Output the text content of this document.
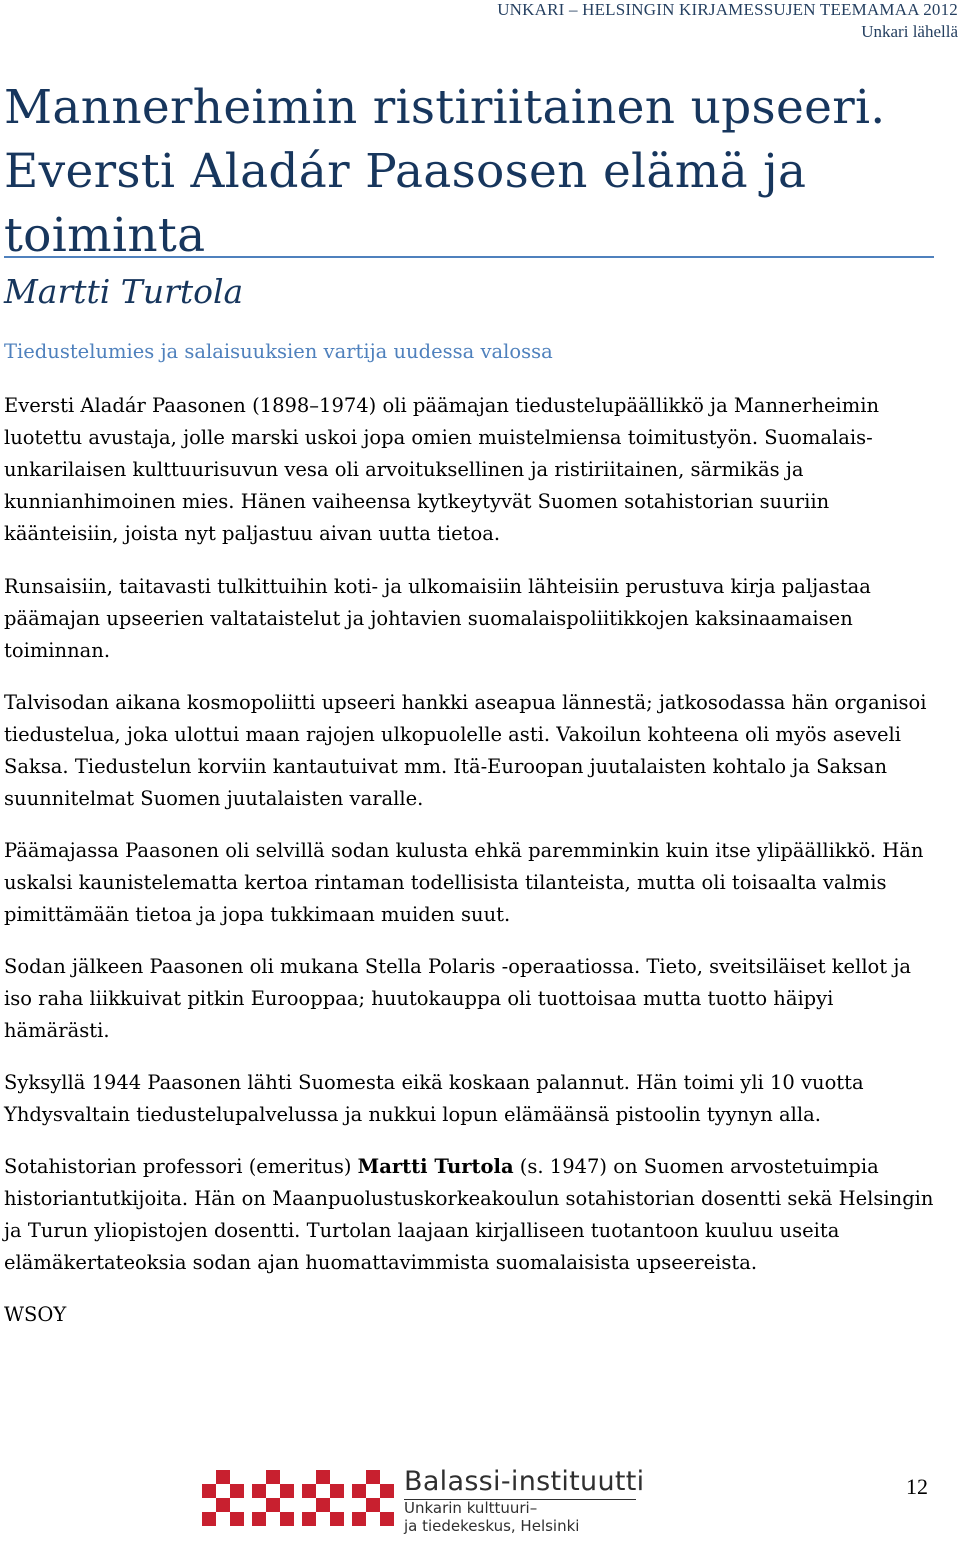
UNKARI – HELSINGIN KIRJAMESSUJEN TEEMAMAA 2012
Unkari lähellä
Mannerheimin ristiriitainen upseeri.
Eversti Aladár Paasosen elämä ja
toiminta
Martti Turtola
Tiedustelumies ja salaisuuksien vartija uudessa valossa

Eversti Aladár Paasonen (1898–1974) oli päämajan tiedustelupäällikkö ja Mannerheimin luotettu avustaja, jolle marski uskoi jopa omien muistelmiensa toimitustyön. Suomalais-unkarilaisen kulttuurisuvun vesa oli arvoituksellinen ja ristiriitainen, särmikäs ja kunnianhimoinen mies. Hänen vaiheensa kytkeytyvät Suomen sotahistorian suuriin käänteisiin, joista nyt paljastuu aivan uutta tietoa.

Runsaisiin, taitavasti tulkittuihin koti- ja ulkomaisiin lähteisiin perustuva kirja paljastaa päämajan upseerien valtataistelut ja johtavien suomalaispoliitikkojen kaksinaamaisen toiminnan.

Talvisodan aikana kosmopoliitti upseeri hankki aseapua lännestä; jatkosodassa hän organisoi tiedustelua, joka ulottui maan rajojen ulkopuolelle asti. Vakoilun kohteena oli myös aseveli Saksa. Tiedustelun korviin kantautuivat mm. Itä-Euroopan juutalaisten kohtalo ja Saksan suunnitelmat Suomen juutalaisten varalle.

Päämajassa Paasonen oli selvillä sodan kulusta ehkä paremminkin kuin itse ylipäällikkö. Hän uskalsi kaunistelematta kertoa rintaman todellisista tilanteista, mutta oli toisaalta valmis pimittämään tietoa ja jopa tukkimaan muiden suut.

Sodan jälkeen Paasonen oli mukana Stella Polaris -operaatiossa. Tieto, sveitsiläiset kellot ja iso raha liikkuivat pitkin Eurooppaa; huutokauppa oli tuottoisaa mutta tuotto häipyi hämärästi.

Syksyllä 1944 Paasonen lähti Suomesta eikä koskaan palannut. Hän toimi yli 10 vuotta Yhdysvaltain tiedustelupalvelussa ja nukkui lopun elämäänsä pistoolin tyynyn alla.

Sotahistorian professori (emeritus) Martti Turtola (s. 1947) on Suomen arvostetuimpia historiantutkijoita. Hän on Maanpuolustuskorkeakoulun sotahistorian dosentti sekä Helsingin ja Turun yliopistojen dosentti. Turtolan laajaan kirjalliseen tuotantoon kuuluu useita elämäkertateoksia sodan ajan huomattavimmista suomalaisista upseereista.

WSOY

Balassi-instituutti
Unkarin kulttuuri–
ja tiedekeskus, Helsinki
12
